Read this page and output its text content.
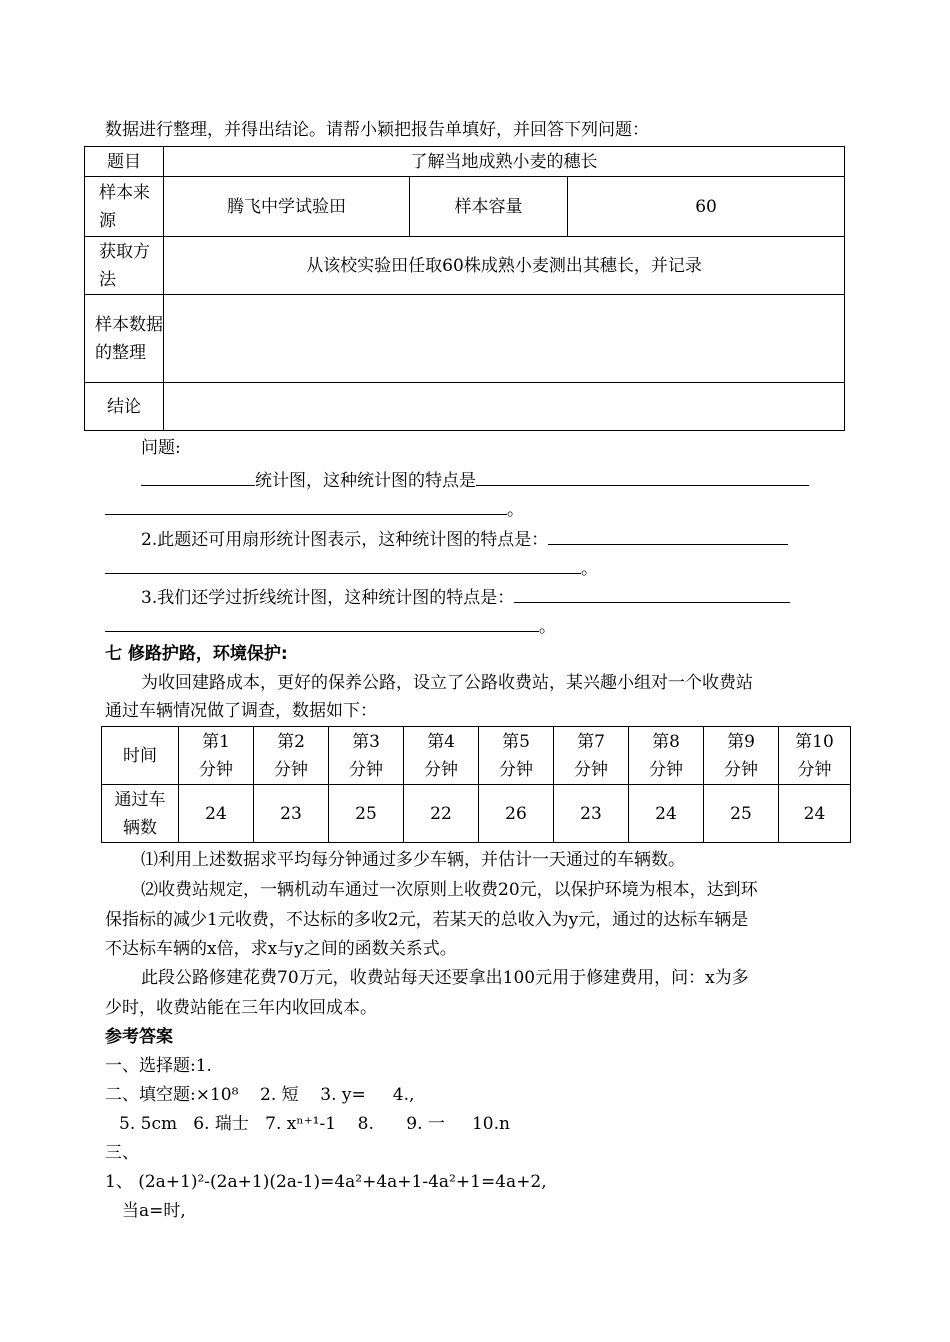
数据进行整理，并得出结论。请帮小颖把报告单填好，并回答下列问题：
题目	了解当地成熟小麦的穗长		
样本来源	腾飞中学试验田	样本容量	60
获取方法	从该校实验田任取60株成熟小麦测出其穗长，并记录		
样本数据的整理			
结论			
问题:
统计图，这种统计图的特点是
。
2.此题还可用扇形统计图表示，这种统计图的特点是：
。
3.我们还学过折线统计图，这种统计图的特点是：
。
七 修路护路，环境保护:
为收回建路成本，更好的保养公路，设立了公路收费站，某兴趣小组对一个收费站
通过车辆情况做了调查，数据如下：
时间	第1分钟	第2分钟	第3分钟	第4分钟	第5分钟	第7分钟	第8分钟	第9分钟	第10分钟
通过车辆数	24	23	25	22	26	23	24	25	24
⑴利用上述数据求平均每分钟通过多少车辆，并估计一天通过的车辆数。
⑵收费站规定，一辆机动车通过一次原则上收费20元，以保护环境为根本，达到环
保指标的减少1元收费，不达标的多收2元，若某天的总收入为y元，通过的达标车辆是
不达标车辆的x倍，求x与y之间的函数关系式。
此段公路修建花费70万元，收费站每天还要拿出100元用于修建费用，问：x为多
少时，收费站能在三年内收回成本。
参考答案
一、选择题:1.
二、填空题:×10⁸    2. 短    3. y=     4.,
5. 5cm   6. 瑞士   7. xⁿ⁺¹-1    8.      9. 一     10.n
三、
1、 (2a+1)²-(2a+1)(2a-1)=4a²+4a+1-4a²+1=4a+2,
当a=时,
